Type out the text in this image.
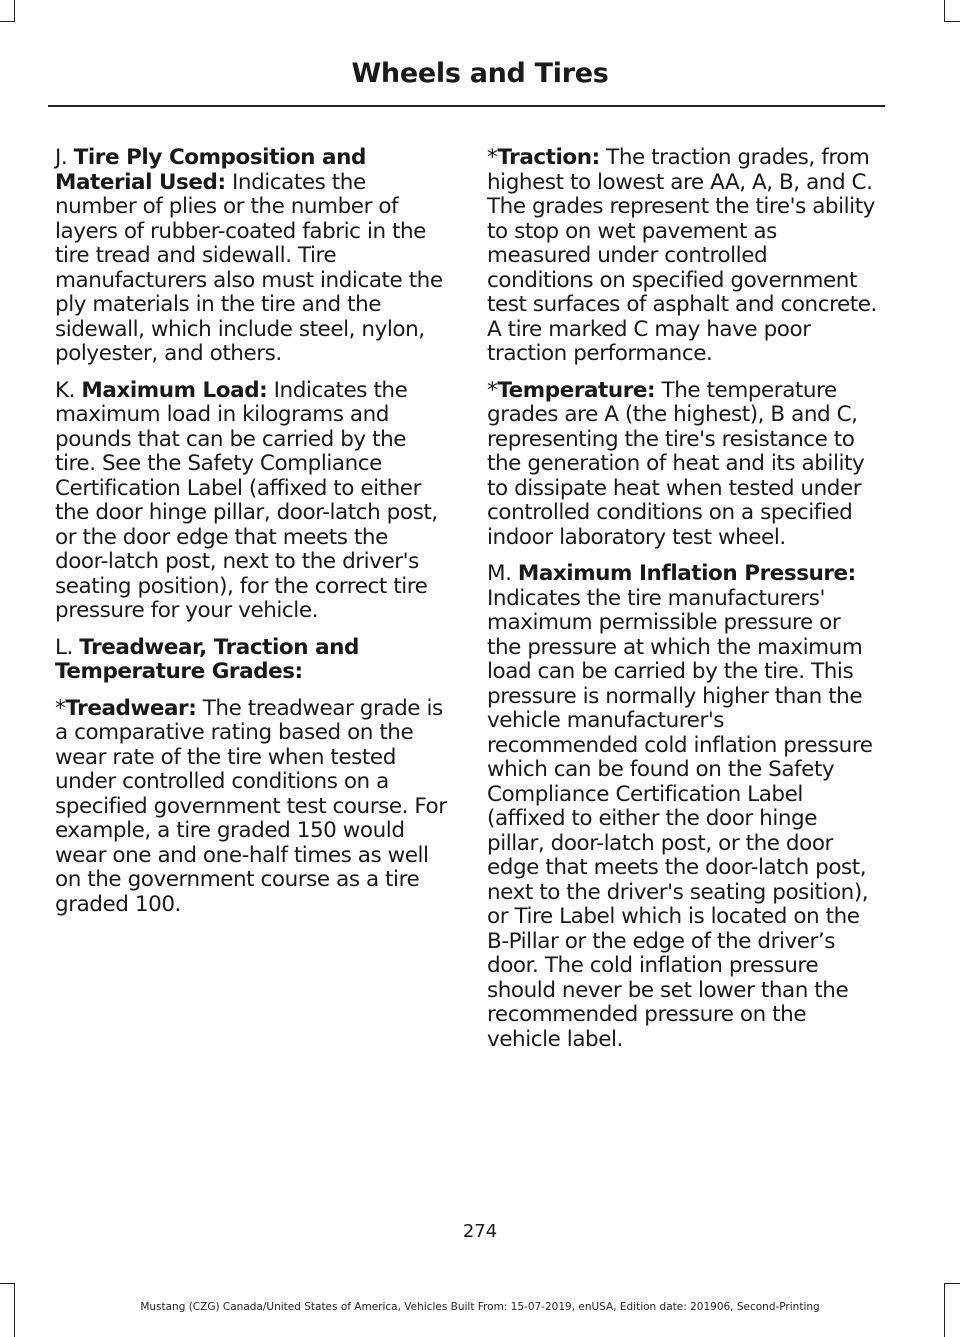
Wheels and Tires

J. Tire Ply Composition and Material Used: Indicates the number of plies or the number of layers of rubber-coated fabric in the tire tread and sidewall. Tire manufacturers also must indicate the ply materials in the tire and the sidewall, which include steel, nylon, polyester, and others.

K. Maximum Load: Indicates the maximum load in kilograms and pounds that can be carried by the tire. See the Safety Compliance Certification Label (affixed to either the door hinge pillar, door-latch post, or the door edge that meets the door-latch post, next to the driver's seating position), for the correct tire pressure for your vehicle.

L. Treadwear, Traction and Temperature Grades:

*Treadwear: The treadwear grade is a comparative rating based on the wear rate of the tire when tested under controlled conditions on a specified government test course. For example, a tire graded 150 would wear one and one-half times as well on the government course as a tire graded 100.

*Traction: The traction grades, from highest to lowest are AA, A, B, and C. The grades represent the tire's ability to stop on wet pavement as measured under controlled conditions on specified government test surfaces of asphalt and concrete. A tire marked C may have poor traction performance.

*Temperature: The temperature grades are A (the highest), B and C, representing the tire's resistance to the generation of heat and its ability to dissipate heat when tested under controlled conditions on a specified indoor laboratory test wheel.

M. Maximum Inflation Pressure: Indicates the tire manufacturers' maximum permissible pressure or the pressure at which the maximum load can be carried by the tire. This pressure is normally higher than the vehicle manufacturer's recommended cold inflation pressure which can be found on the Safety Compliance Certification Label (affixed to either the door hinge pillar, door-latch post, or the door edge that meets the door-latch post, next to the driver's seating position), or Tire Label which is located on the B-Pillar or the edge of the driver’s door. The cold inflation pressure should never be set lower than the recommended pressure on the vehicle label.

274
Mustang (CZG) Canada/United States of America, Vehicles Built From: 15-07-2019, enUSA, Edition date: 201906, Second-Printing
